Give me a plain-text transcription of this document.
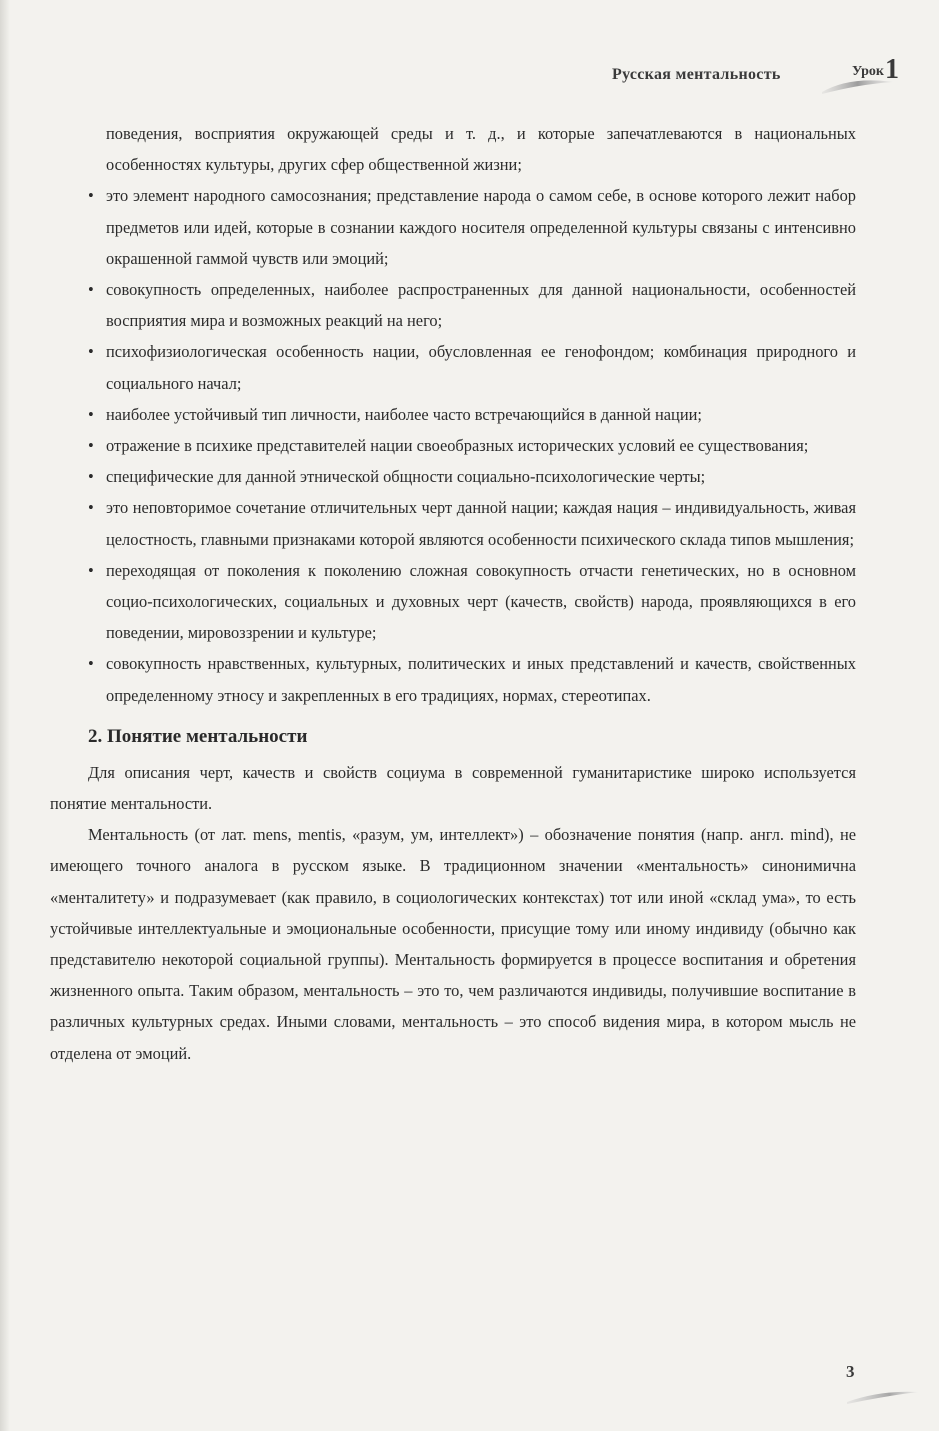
Русская ментальность	Урок 1

поведения, восприятия окружающей среды и т. д., и которые запечатлеваются в национальных особенностях культуры, других сфер общественной жизни;

• это элемент народного самосознания; представление народа о самом себе, в основе которого лежит набор предметов или идей, которые в сознании каждого носителя определенной культуры связаны с интенсивно окрашенной гаммой чувств или эмоций;
• совокупность определенных, наиболее распространенных для данной национальности, особенностей восприятия мира и возможных реакций на него;
• психофизиологическая особенность нации, обусловленная ее генофондом; комбинация природного и социального начал;
• наиболее устойчивый тип личности, наиболее часто встречающийся в данной нации;
• отражение в психике представителей нации своеобразных исторических условий ее существования;
• специфические для данной этнической общности социально-психологические черты;
• это неповторимое сочетание отличительных черт данной нации; каждая нация – индивидуальность, живая целостность, главными признаками которой являются особенности психического склада типов мышления;
• переходящая от поколения к поколению сложная совокупность отчасти генетических, но в основном социо-психологических, социальных и духовных черт (качеств, свойств) народа, проявляющихся в его поведении, мировоззрении и культуре;
• совокупность нравственных, культурных, политических и иных представлений и качеств, свойственных определенному этносу и закрепленных в его традициях, нормах, стереотипах.
2. Понятие ментальности

Для описания черт, качеств и свойств социума в современной гуманитаристике широко используется понятие ментальности.

Ментальность (от лат. mens, mentis, «разум, ум, интеллект») – обозначение понятия (напр. англ. mind), не имеющего точного аналога в русском языке. В традиционном значении «ментальность» синонимична «менталитету» и подразумевает (как правило, в социологических контекстах) тот или иной «склад ума», то есть устойчивые интеллектуальные и эмоциональные особенности, присущие тому или иному индивиду (обычно как представителю некоторой социальной группы). Ментальность формируется в процессе воспитания и обретения жизненного опыта. Таким образом, ментальность – это то, чем различаются индивиды, получившие воспитание в различных культурных средах. Иными словами, ментальность – это способ видения мира, в котором мысль не отделена от эмоций.

3
